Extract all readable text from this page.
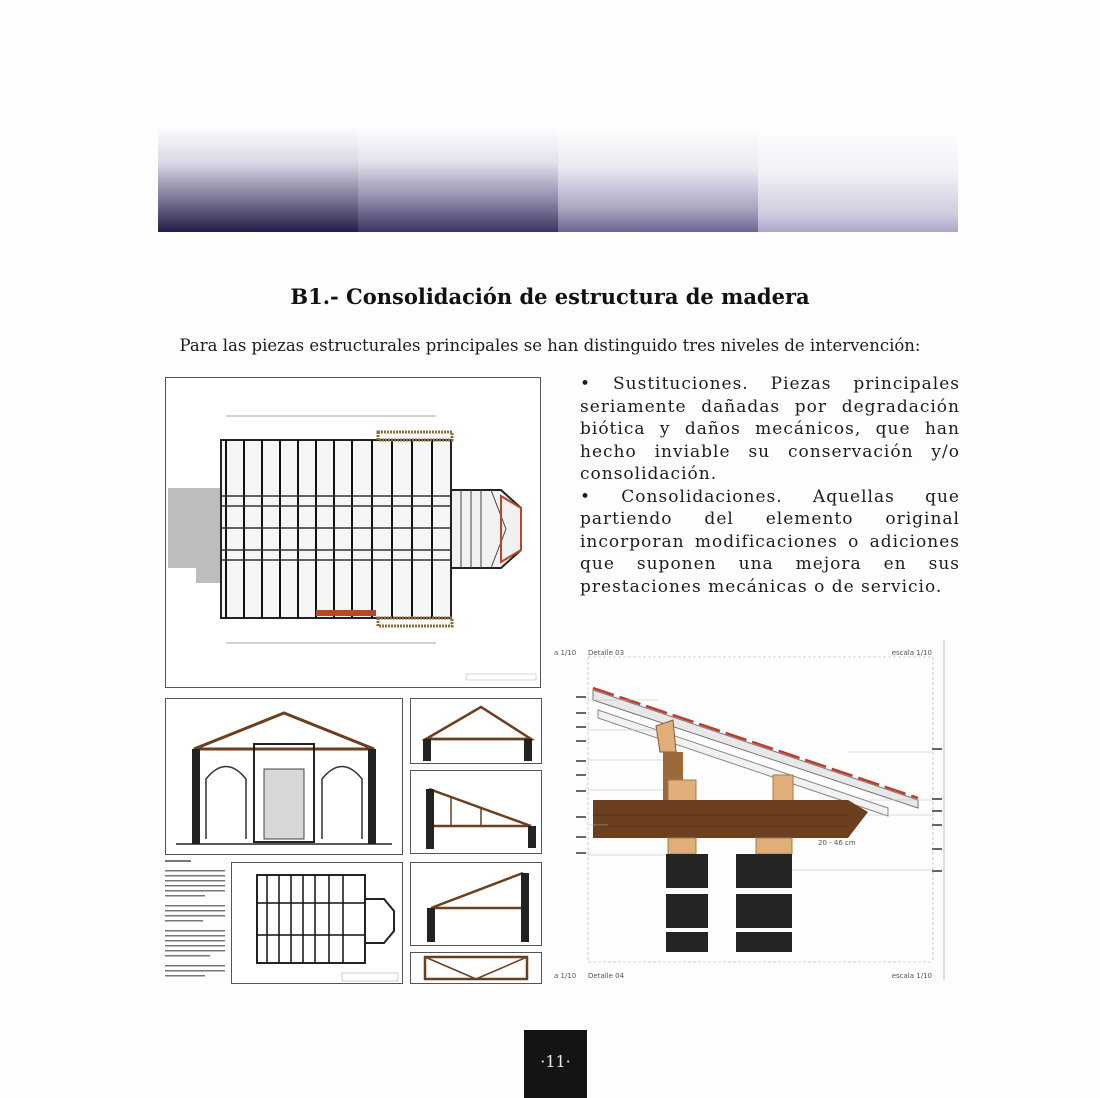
B1.- Consolidación de estructura de madera
Para las piezas estructurales principales se han distinguido tres niveles de intervención:

• Sustituciones. Piezas principales seriamente dañadas por degradación biótica y daños mecánicos, que han hecho inviable su conservación y/o consolidación.

• Consolidaciones. Aquellas que partiendo del elemento original incorporan modificaciones o adiciones que suponen una mejora en sus prestaciones mecánicas o de servicio.

Detalle 03	escala 1/10
a 1/10
Detalle 04	escala 1/10
a 1/10
20 - 46 cm
·11·
